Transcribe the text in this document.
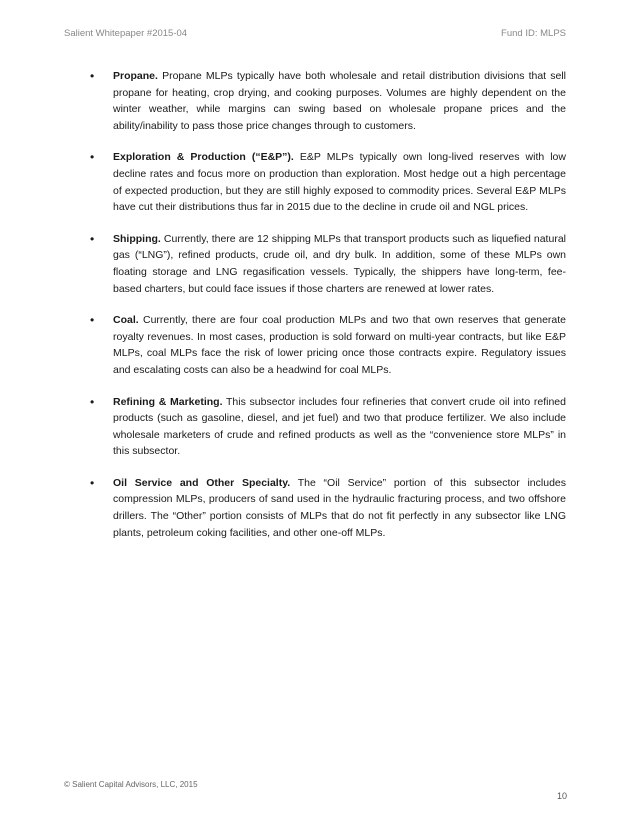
Salient Whitepaper #2015-04	Fund ID: MLPS
•	Propane. Propane MLPs typically have both wholesale and retail distribution divisions that sell propane for heating, crop drying, and cooking purposes. Volumes are highly dependent on the winter weather, while margins can swing based on wholesale propane prices and the ability/inability to pass those price changes through to customers.

•	Exploration & Production (“E&P”). E&P MLPs typically own long-lived reserves with low decline rates and focus more on production than exploration. Most hedge out a high percentage of expected production, but they are still highly exposed to commodity prices. Several E&P MLPs have cut their distributions thus far in 2015 due to the decline in crude oil and NGL prices.

•	Shipping. Currently, there are 12 shipping MLPs that transport products such as liquefied natural gas (“LNG”), refined products, crude oil, and dry bulk. In addition, some of these MLPs own floating storage and LNG regasification vessels. Typically, the shippers have long-term, fee-based charters, but could face issues if those charters are renewed at lower rates.

•	Coal. Currently, there are four coal production MLPs and two that own reserves that generate royalty revenues. In most cases, production is sold forward on multi-year contracts, but like E&P MLPs, coal MLPs face the risk of lower pricing once those contracts expire. Regulatory issues and escalating costs can also be a headwind for coal MLPs.

•	Refining & Marketing. This subsector includes four refineries that convert crude oil into refined products (such as gasoline, diesel, and jet fuel) and two that produce fertilizer. We also include wholesale marketers of crude and refined products as well as the “convenience store MLPs” in this subsector.

•	Oil Service and Other Specialty. The “Oil Service” portion of this subsector includes compression MLPs, producers of sand used in the hydraulic fracturing process, and two offshore drillers. The “Other” portion consists of MLPs that do not fit perfectly in any subsector like LNG plants, petroleum coking facilities, and other one-off MLPs.

© Salient Capital Advisors, LLC, 2015
10
